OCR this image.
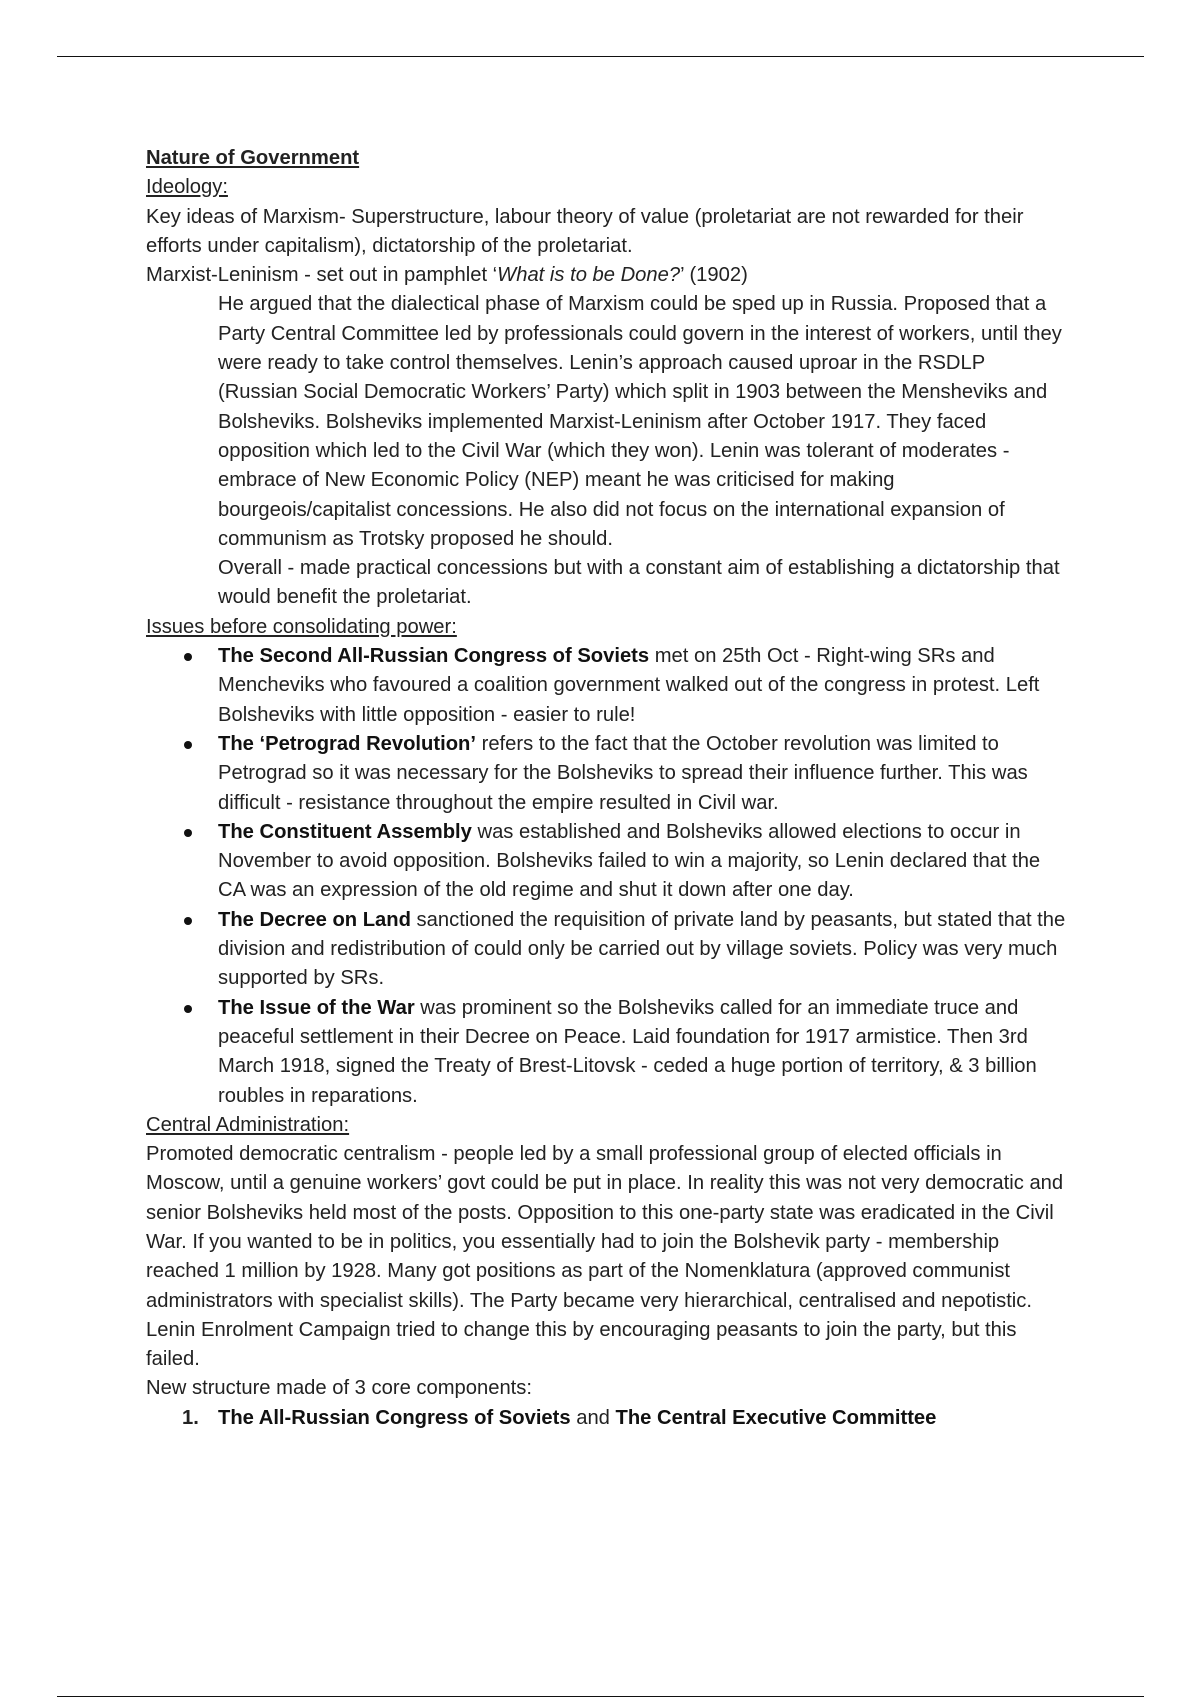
Nature of Government

Ideology:

Key ideas of Marxism- Superstructure, labour theory of value (proletariat are not rewarded for their efforts under capitalism), dictatorship of the proletariat.

Marxist-Leninism - set out in pamphlet ‘What is to be Done?’ (1902)

He argued that the dialectical phase of Marxism could be sped up in Russia. Proposed that a Party Central Committee led by professionals could govern in the interest of workers, until they were ready to take control themselves. Lenin’s approach caused uproar in the RSDLP (Russian Social Democratic Workers’ Party) which split in 1903 between the Mensheviks and Bolsheviks. Bolsheviks implemented Marxist-Leninism after October 1917. They faced opposition which led to the Civil War (which they won). Lenin was tolerant of moderates - embrace of New Economic Policy (NEP) meant he was criticised for making bourgeois/capitalist concessions. He also did not focus on the international expansion of communism as Trotsky proposed he should.

Overall - made practical concessions but with a constant aim of establishing a dictatorship that would benefit the proletariat.

Issues before consolidating power:

The Second All-Russian Congress of Soviets met on 25th Oct - Right-wing SRs and Mencheviks who favoured a coalition government walked out of the congress in protest. Left Bolsheviks with little opposition - easier to rule!
The ‘Petrograd Revolution’ refers to the fact that the October revolution was limited to Petrograd so it was necessary for the Bolsheviks to spread their influence further. This was difficult - resistance throughout the empire resulted in Civil war.
The Constituent Assembly was established and Bolsheviks allowed elections to occur in November to avoid opposition. Bolsheviks failed to win a majority, so Lenin declared that the CA was an expression of the old regime and shut it down after one day.
The Decree on Land sanctioned the requisition of private land by peasants, but stated that the division and redistribution of could only be carried out by village soviets. Policy was very much supported by SRs.
The Issue of the War was prominent so the Bolsheviks called for an immediate truce and peaceful settlement in their Decree on Peace. Laid foundation for 1917 armistice. Then 3rd March 1918, signed the Treaty of Brest-Litovsk - ceded a huge portion of territory, & 3 billion roubles in reparations.

Central Administration:

Promoted democratic centralism - people led by a small professional group of elected officials in Moscow, until a genuine workers’ govt could be put in place. In reality this was not very democratic and senior Bolsheviks held most of the posts. Opposition to this one-party state was eradicated in the Civil War. If you wanted to be in politics, you essentially had to join the Bolshevik party - membership reached 1 million by 1928. Many got positions as part of the Nomenklatura (approved communist administrators with specialist skills). The Party became very hierarchical, centralised and nepotistic. Lenin Enrolment Campaign tried to change this by encouraging peasants to join the party, but this failed.

New structure made of 3 core components:

1. The All-Russian Congress of Soviets and The Central Executive Committee
